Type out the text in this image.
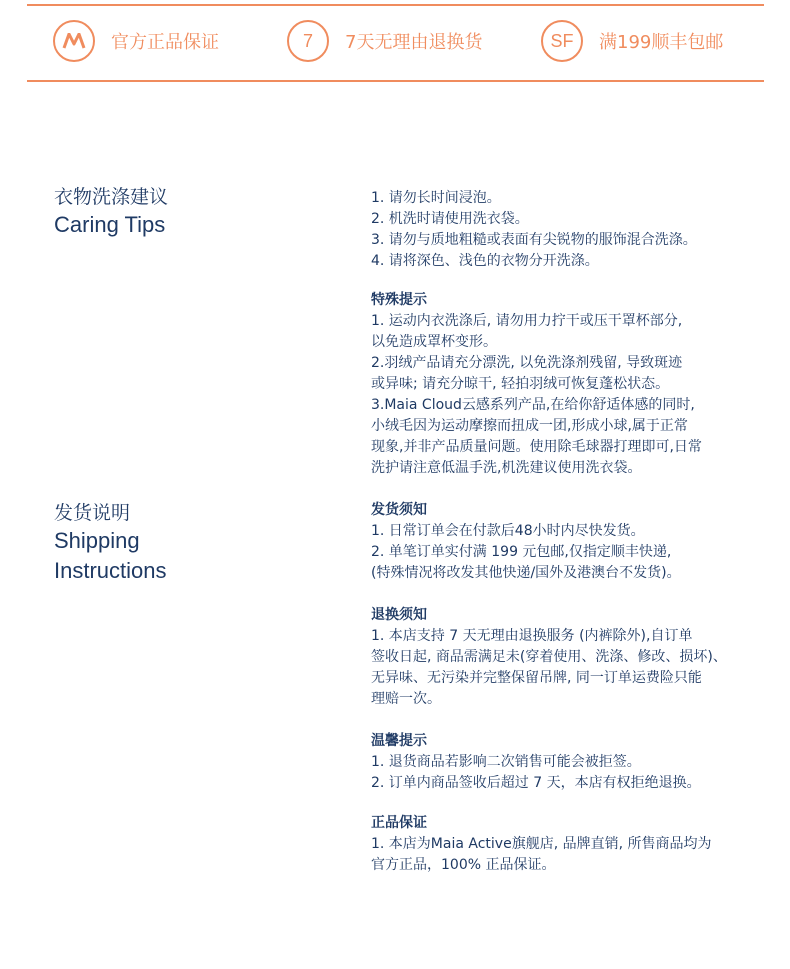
官方正品保证	7	7天无理由退换货	SF	满199顺丰包邮
衣物洗涤建议
Caring Tips
1. 请勿长时间浸泡。
2. 机洗时请使用洗衣袋。
3. 请勿与质地粗糙或表面有尖锐物的服饰混合洗涤。
4. 请将深色、浅色的衣物分开洗涤。
特殊提示
1. 运动内衣洗涤后, 请勿用力拧干或压干罩杯部分,
以免造成罩杯变形。
2.羽绒产品请充分漂洗, 以免洗涤剂残留, 导致斑迹
或异味; 请充分晾干, 轻拍羽绒可恢复蓬松状态。
3.Maia Cloud云感系列产品,在给你舒适体感的同时,
小绒毛因为运动摩擦而扭成一团,形成小球,属于正常
现象,并非产品质量问题。使用除毛球器打理即可,日常
洗护请注意低温手洗,机洗建议使用洗衣袋。
发货说明
Shipping
Instructions
发货须知
1. 日常订单会在付款后48小时内尽快发货。
2. 单笔订单实付满 199 元包邮,仅指定顺丰快递,
(特殊情况将改发其他快递/国外及港澳台不发货)。
退换须知
1. 本店支持 7 天无理由退换服务 (内裤除外),自订单
签收日起, 商品需满足未(穿着使用、洗涤、修改、损坏)、
无异味、无污染并完整保留吊牌, 同一订单运费险只能
理赔一次。
温馨提示
1. 退货商品若影响二次销售可能会被拒签。
2. 订单内商品签收后超过 7 天，本店有权拒绝退换。
正品保证
1. 本店为Maia Active旗舰店, 品牌直销, 所售商品均为
官方正品，100% 正品保证。
